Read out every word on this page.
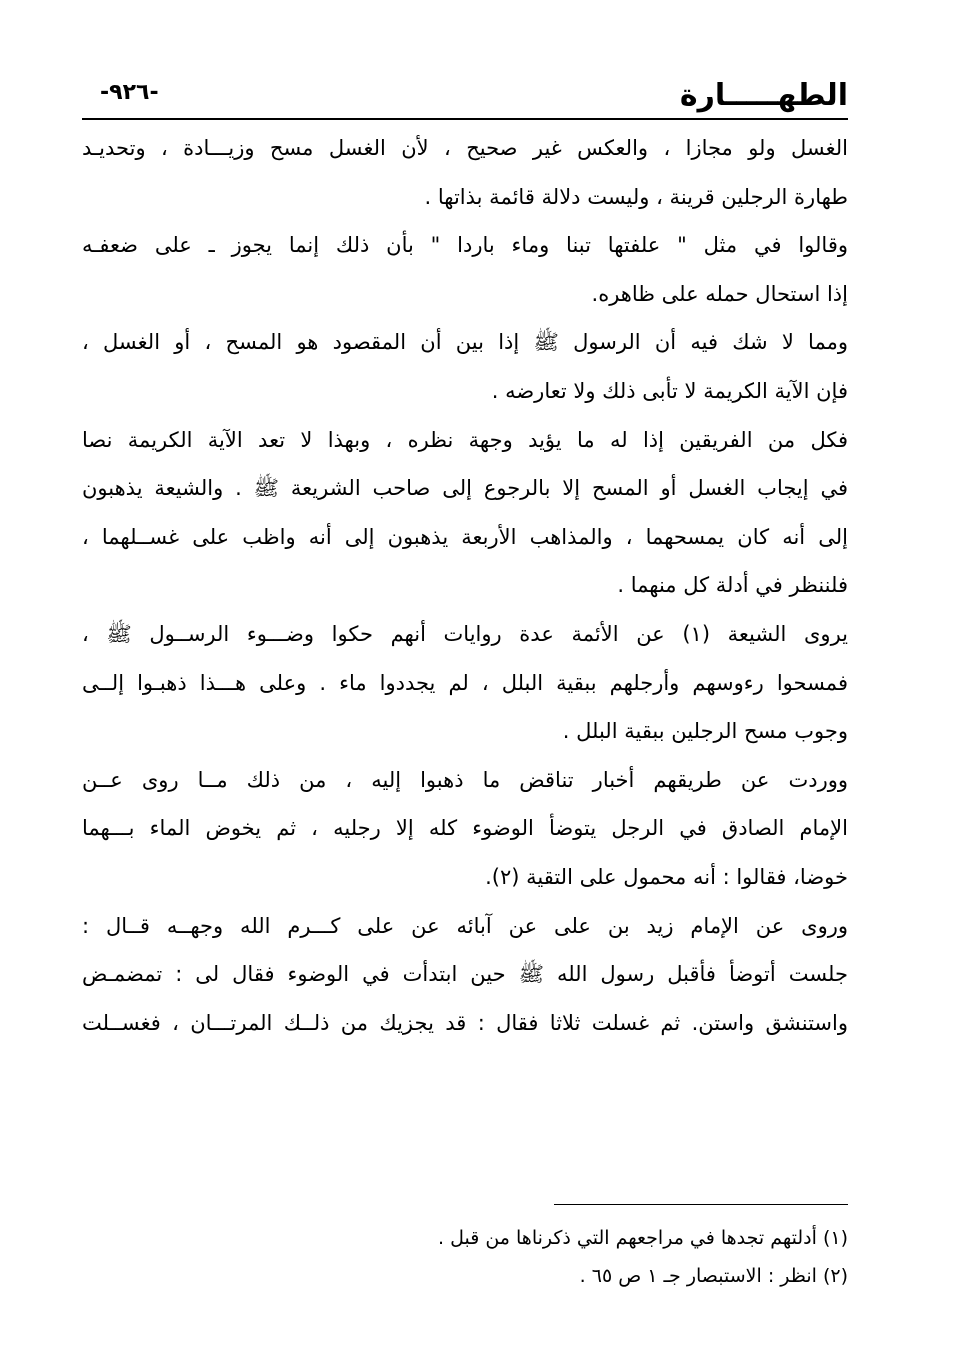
الطهـــــارة
-٩٢٦-
الغسل ولو مجازا ، والعكس غير صحيح ، لأن الغسل مسح وزيـــادة ، وتحديـد
طهارة الرجلين قرينة ، وليست دلالة قائمة بذاتها .
وقالوا في مثل " علفتها تبنا وماء باردا " بأن ذلك إنما يجوز ـ على ضعفـه
إذا استحال حمله على ظاهره.
ومما لا شك فيه أن الرسول ﷺ إذا بين أن المقصود هو المسح ، أو الغسل ،
فإن الآية الكريمة لا تأبى ذلك ولا تعارضه .
فكل من الفريقين إذا له ما يؤيد وجهة نظره ، وبهذا لا تعد الآية الكريمة نصا
في إيجاب الغسل أو المسح إلا بالرجوع إلى صاحب الشريعة ﷺ . والشيعة يذهبون
إلى أنه كان يمسحهما ، والمذاهب الأربعة يذهبون إلى أنه واظب على غســلهما ،
فلننظر في أدلة كل منهما .
يروى الشيعة (١) عن الأئمة عدة روايات أنهم حكوا وضـــوء الرســول ﷺ ،
فمسحوا رءوسهم وأرجلهم ببقية البلل ، لم يجددوا ماء . وعلى هـــذا ذهبـوا إلــى
وجوب مسح الرجلين ببقية البلل .
ووردت عن طريقهم أخبار تناقض ما ذهبوا إليه ، من ذلك مــا روى عــن
الإمام الصادق في الرجل يتوضأ الوضوء كله إلا رجليه ، ثم يخوض الماء بـــهما
خوضا، فقالوا : أنه محمول على التقية (٢).
وروى عن الإمام زيد بن على عن آبائه عن على كـــرم الله وجهــه قــال :
جلست أتوضأ فأقبل رسول الله ﷺ حين ابتدأت في الوضوء فقال لى : تمضمـض
واستنشق واستن. ثم غسلت ثلاثا فقال : قد يجزيك من ذلــك المرتـــان ، فغســلت
(١) أدلتهم تجدها في مراجعهم التي ذكرناها من قبل .
(٢) انظر : الاستبصار جـ ١ ص ٦٥ .
